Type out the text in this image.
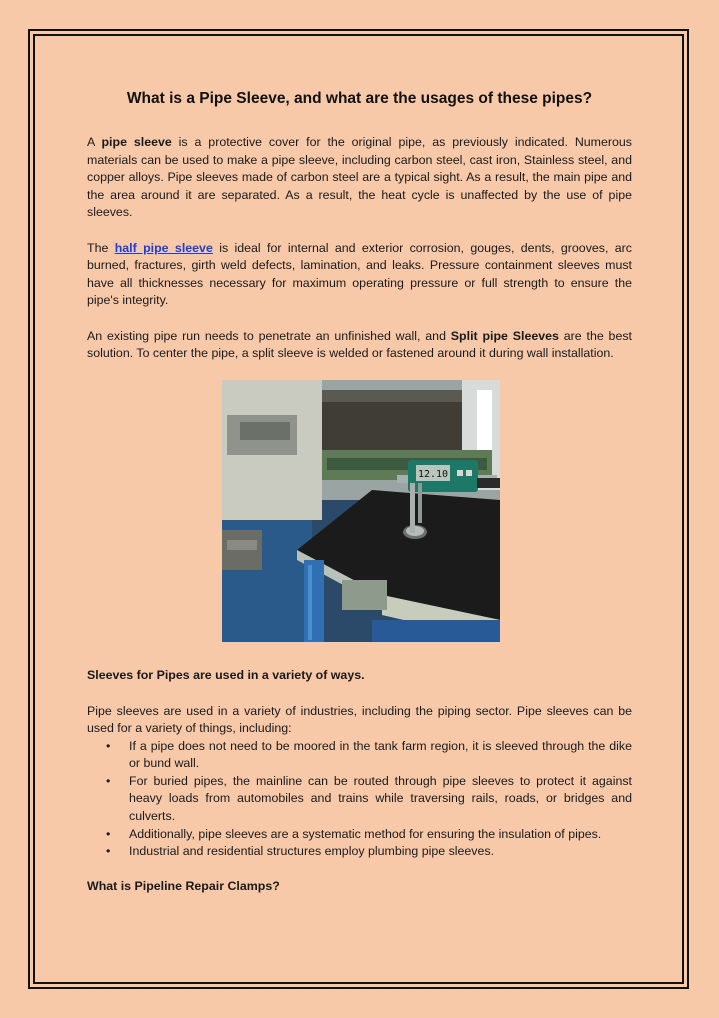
What is a Pipe Sleeve, and what are the usages of these pipes?

A pipe sleeve is a protective cover for the original pipe, as previously indicated. Numerous materials can be used to make a pipe sleeve, including carbon steel, cast iron, Stainless steel, and copper alloys. Pipe sleeves made of carbon steel are a typical sight. As a result, the main pipe and the area around it are separated. As a result, the heat cycle is unaffected by the use of pipe sleeves.

The half pipe sleeve is ideal for internal and exterior corrosion, gouges, dents, grooves, arc burned, fractures, girth weld defects, lamination, and leaks. Pressure containment sleeves must have all thicknesses necessary for maximum operating pressure or full strength to ensure the pipe's integrity.

An existing pipe run needs to penetrate an unfinished wall, and Split pipe Sleeves are the best solution. To center the pipe, a split sleeve is welded or fastened around it during wall installation.

12.10
Sleeves for Pipes are used in a variety of ways.

Pipe sleeves are used in a variety of industries, including the piping sector. Pipe sleeves can be used for a variety of things, including:

• If a pipe does not need to be moored in the tank farm region, it is sleeved through the dike or bund wall.
• For buried pipes, the mainline can be routed through pipe sleeves to protect it against heavy loads from automobiles and trains while traversing rails, roads, or bridges and culverts.
• Additionally, pipe sleeves are a systematic method for ensuring the insulation of pipes.
• Industrial and residential structures employ plumbing pipe sleeves.
What is Pipeline Repair Clamps?
